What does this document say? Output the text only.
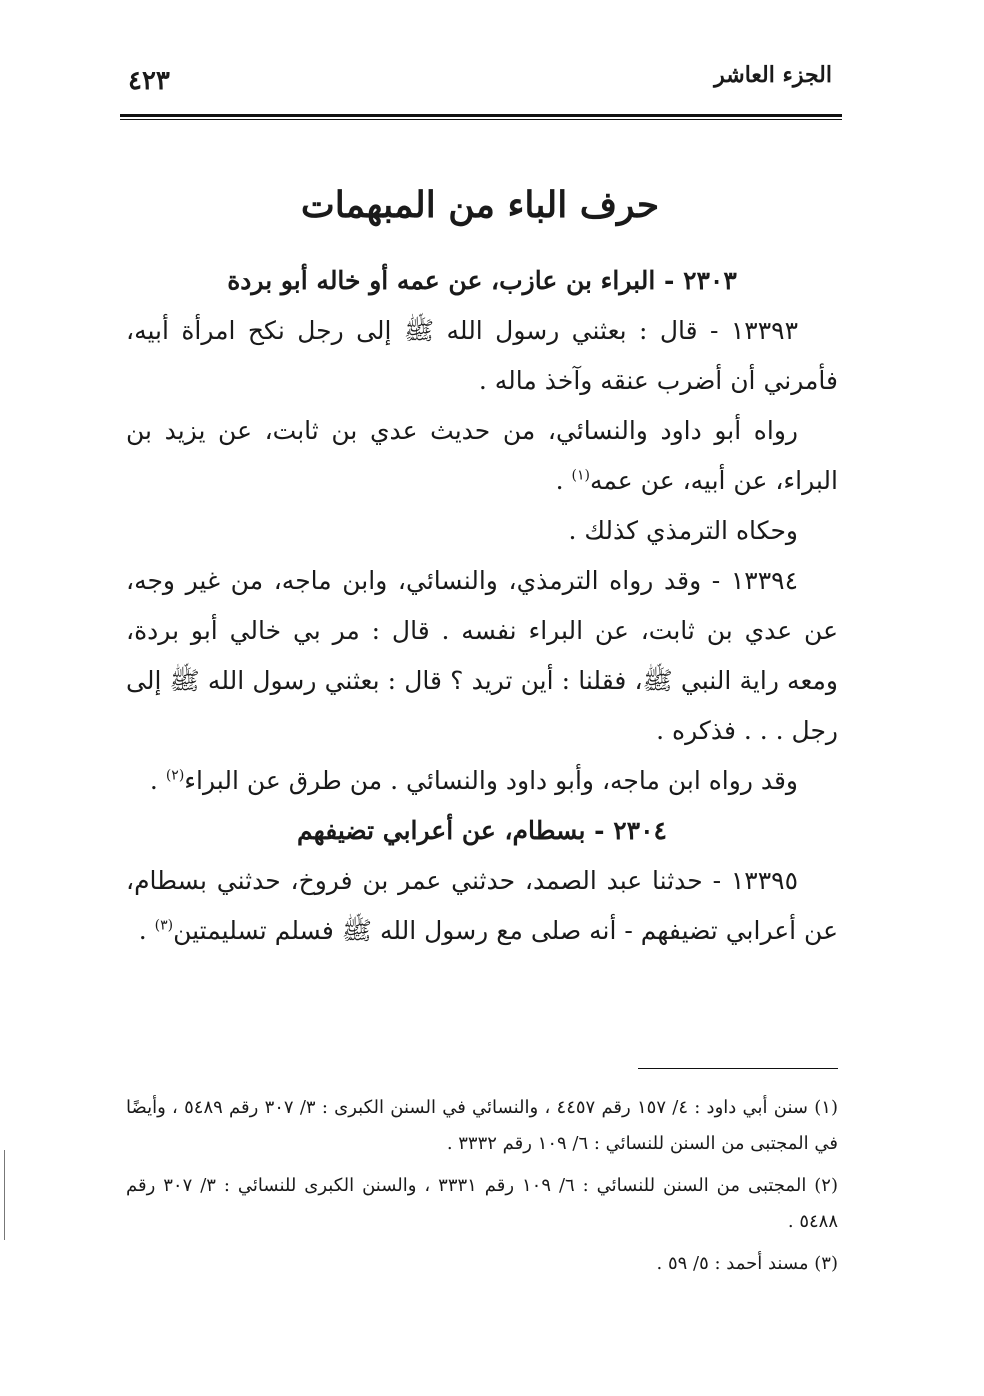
الجزء العاشر
٤٢٣
حرف الباء من المبهمات

٢٣٠٣ - البراء بن عازب، عن عمه أو خاله أبو بردة

١٣٣٩٣ - قال : بعثني رسول الله ﷺ إلى رجل نكح امرأة أبيه، فأمرني أن أضرب عنقه وآخذ ماله .

رواه أبو داود والنسائي، من حديث عدي بن ثابت، عن يزيد بن البراء، عن أبيه، عن عمه$^{(١)}$ .

وحكاه الترمذي كذلك .

١٣٣٩٤ - وقد رواه الترمذي، والنسائي، وابن ماجه، من غير وجه، عن عدي بن ثابت، عن البراء نفسه . قال : مر بي خالي أبو بردة، ومعه راية النبي ﷺ، فقلنا : أين تريد ؟ قال : بعثني رسول الله ﷺ إلى رجل . . . فذكره .

وقد رواه ابن ماجه، وأبو داود والنسائي . من طرق عن البراء$^{(٢)}$ .

٢٣٠٤ - بسطام، عن أعرابي تضيفهم

١٣٣٩٥ - حدثنا عبد الصمد، حدثني عمر بن فروخ، حدثني بسطام، عن أعرابي تضيفهم - أنه صلى مع رسول الله ﷺ فسلم تسليمتين$^{(٣)}$ .

(١) سنن أبي داود : ٤/ ١٥٧ رقم ٤٤٥٧ ، والنسائي في السنن الكبرى : ٣/ ٣٠٧ رقم ٥٤٨٩ ، وأيضًا في المجتبى من السنن للنسائي : ٦/ ١٠٩ رقم ٣٣٣٢ .

(٢) المجتبى من السنن للنسائي : ٦/ ١٠٩ رقم ٣٣٣١ ، والسنن الكبرى للنسائي : ٣/ ٣٠٧ رقم ٥٤٨٨ .

(٣) مسند أحمد : ٥/ ٥٩ .
